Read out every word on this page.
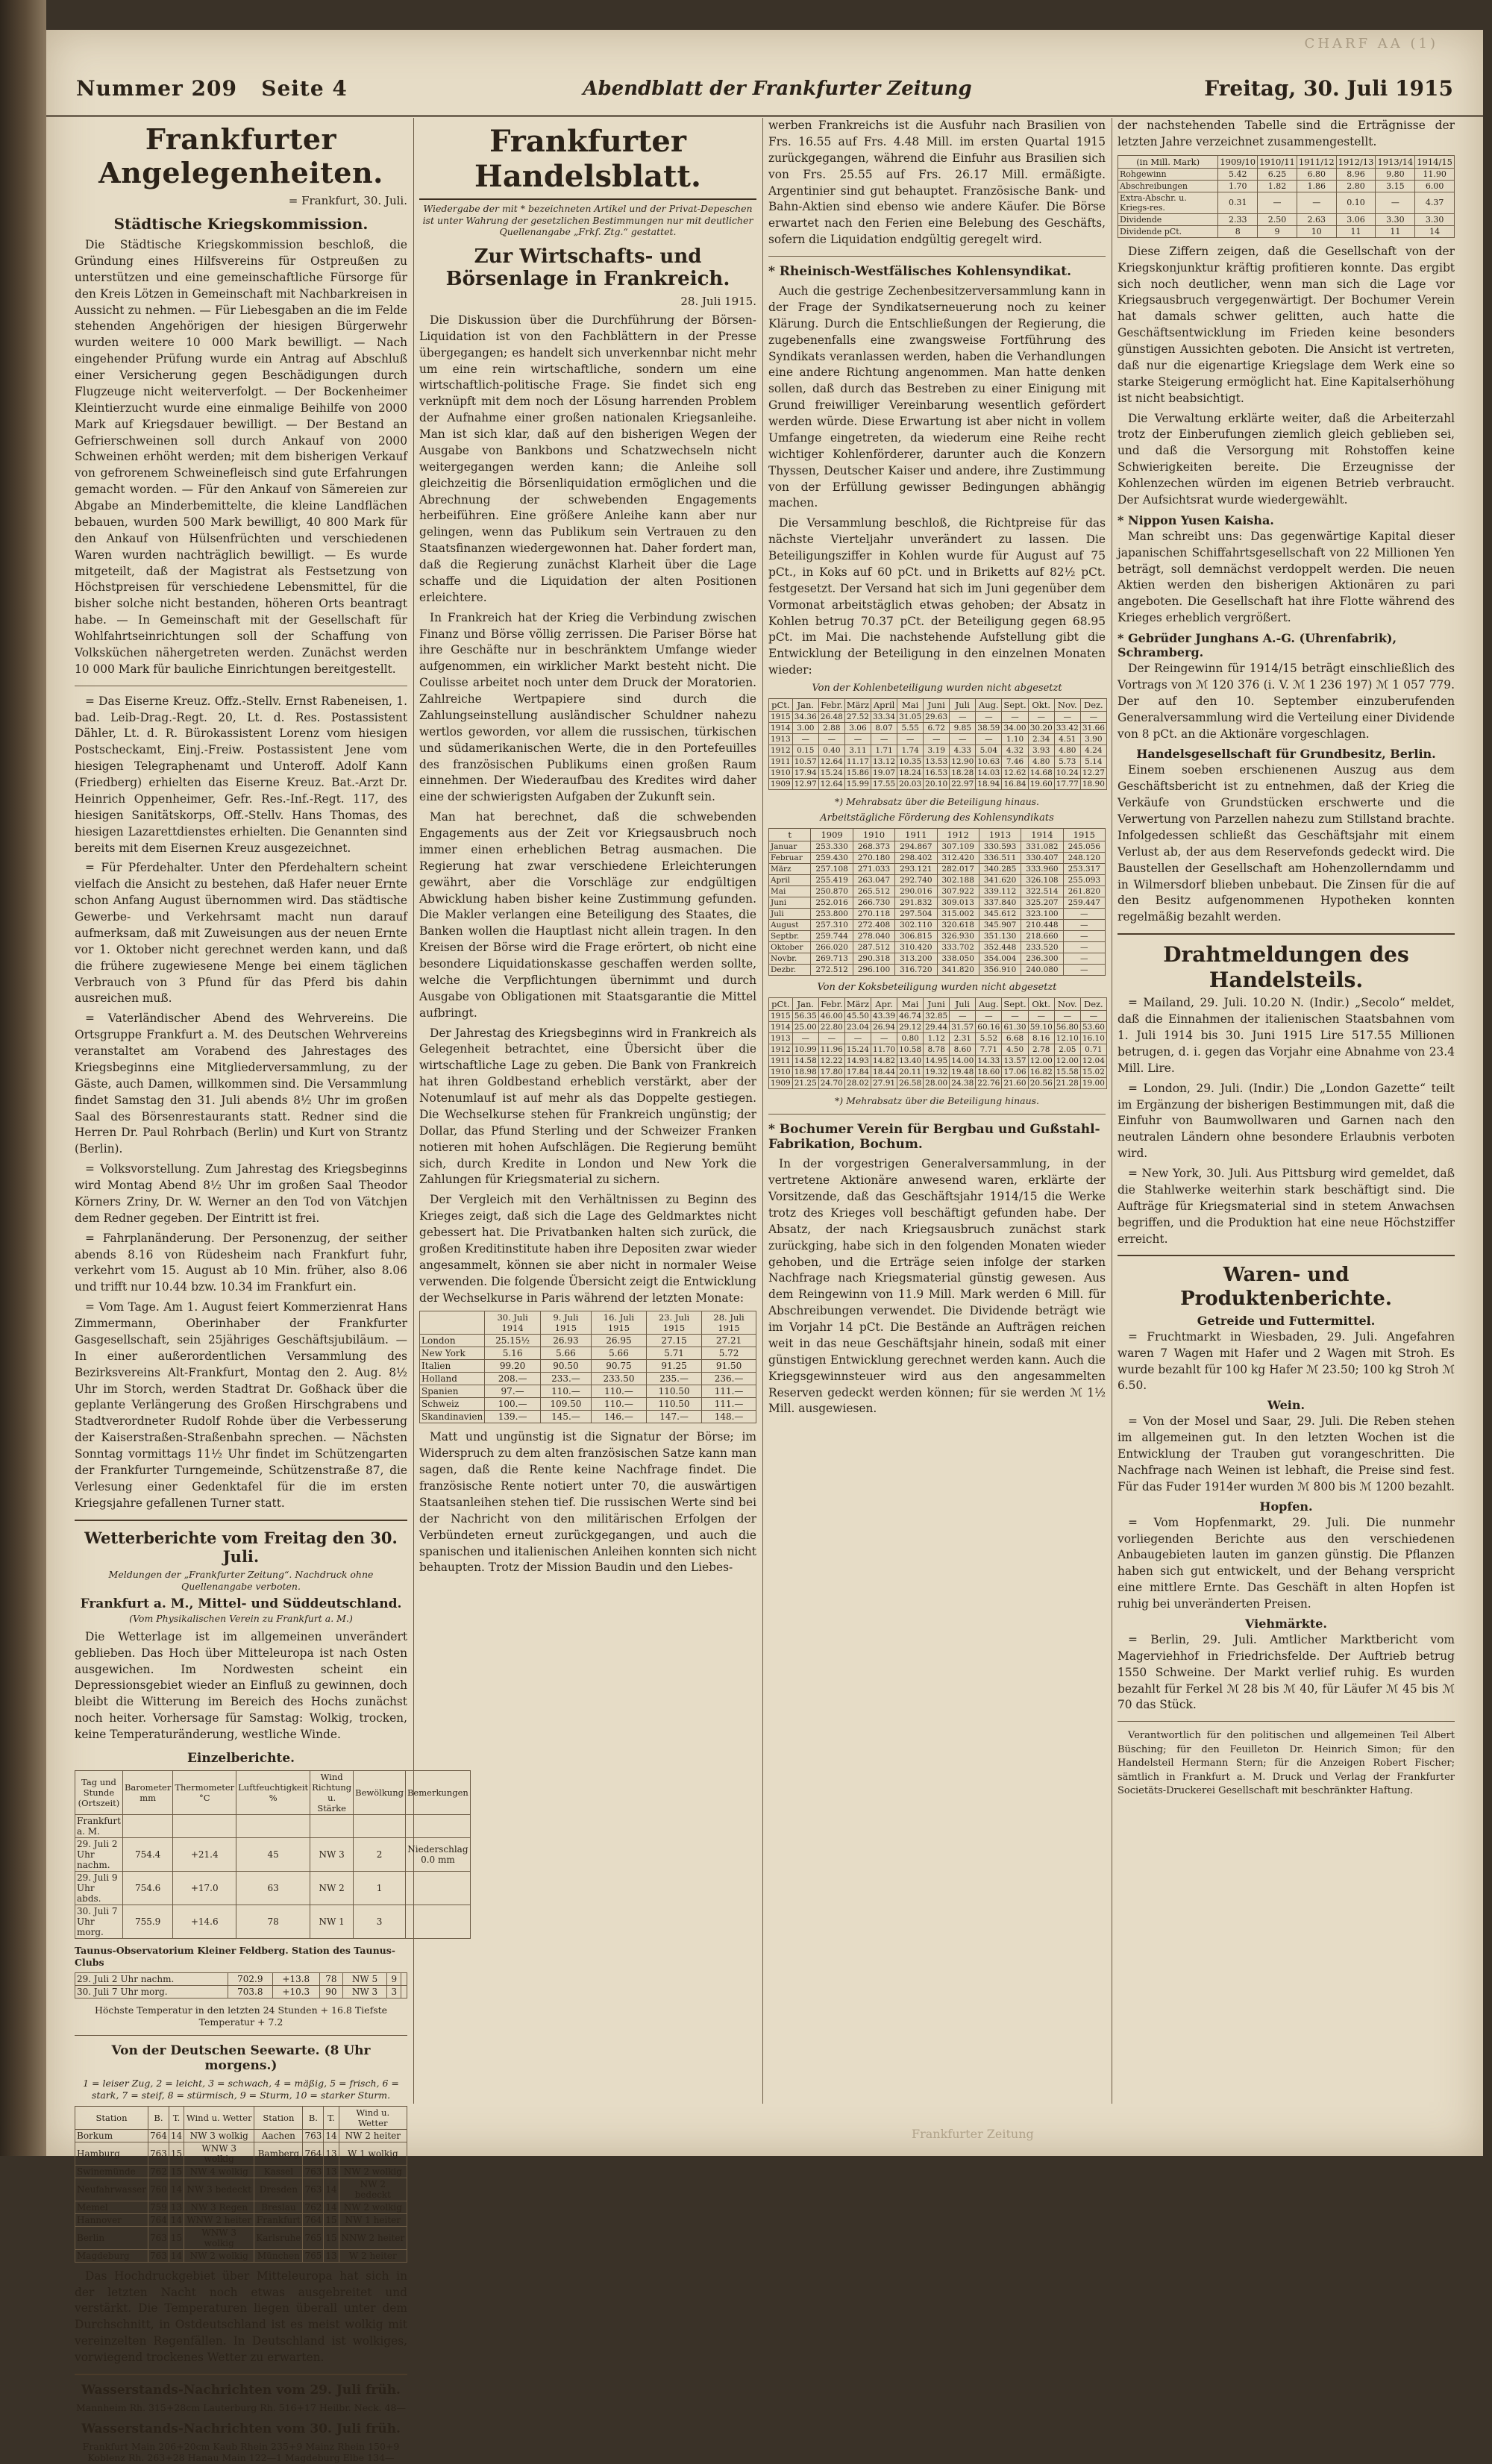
CHARF AA (1)
Nummer 209 Seite 4	Abendblatt der Frankfurter Zeitung	Freitag, 30. Juli 1915
Frankfurter Angelegenheiten.
= Frankfurt, 30. Juli.
Städtische Kriegskommission.

Die Städtische Kriegskommission beschloß, die Gründung eines Hilfsvereins für Ostpreußen zu unterstützen und eine gemeinschaftliche Fürsorge für den Kreis Lötzen in Gemeinschaft mit Nachbarkreisen in Aussicht zu nehmen. — Für Liebesgaben an die im Felde stehenden Angehörigen der hiesigen Bürgerwehr wurden weitere 10 000 Mark bewilligt. — Nach eingehender Prüfung wurde ein Antrag auf Abschluß einer Versicherung gegen Beschädigungen durch Flugzeuge nicht weiterverfolgt. — Der Bockenheimer Kleintierzucht wurde eine einmalige Beihilfe von 2000 Mark auf Kriegsdauer bewilligt. — Der Bestand an Gefrierschweinen soll durch Ankauf von 2000 Schweinen erhöht werden; mit dem bisherigen Verkauf von gefrorenem Schweinefleisch sind gute Erfahrungen gemacht worden. — Für den Ankauf von Sämereien zur Abgabe an Minderbemittelte, die kleine Landflächen bebauen, wurden 500 Mark bewilligt, 40 800 Mark für den Ankauf von Hülsenfrüchten und verschiedenen Waren wurden nachträglich bewilligt. — Es wurde mitgeteilt, daß der Magistrat als Festsetzung von Höchstpreisen für verschiedene Lebensmittel, für die bisher solche nicht bestanden, höheren Orts beantragt habe. — In Gemeinschaft mit der Gesellschaft für Wohlfahrtseinrichtungen soll der Schaffung von Volksküchen nähergetreten werden. Zunächst werden 10 000 Mark für bauliche Einrichtungen bereitgestellt.

= Das Eiserne Kreuz. Offz.-Stellv. Ernst Rabeneisen, 1. bad. Leib-Drag.-Regt. 20, Lt. d. Res. Postassistent Dähler, Lt. d. R. Bürokassistent Lorenz vom hiesigen Postscheckamt, Einj.-Freiw. Postassistent Jene vom hiesigen Telegraphenamt und Unteroff. Adolf Kann (Friedberg) erhielten das Eiserne Kreuz. Bat.-Arzt Dr. Heinrich Oppenheimer, Gefr. Res.-Inf.-Regt. 117, des hiesigen Sanitätskorps, Off.-Stellv. Hans Thomas, des hiesigen Lazarettdienstes erhielten. Die Genannten sind bereits mit dem Eisernen Kreuz ausgezeichnet.

= Für Pferdehalter. Unter den Pferdehaltern scheint vielfach die Ansicht zu bestehen, daß Hafer neuer Ernte schon Anfang August übernommen wird. Das städtische Gewerbe- und Verkehrsamt macht nun darauf aufmerksam, daß mit Zuweisungen aus der neuen Ernte vor 1. Oktober nicht gerechnet werden kann, und daß die frühere zugewiesene Menge bei einem täglichen Verbrauch von 3 Pfund für das Pferd bis dahin ausreichen muß.

= Vaterländischer Abend des Wehrvereins. Die Ortsgruppe Frankfurt a. M. des Deutschen Wehrvereins veranstaltet am Vorabend des Jahrestages des Kriegsbeginns eine Mitgliederversammlung, zu der Gäste, auch Damen, willkommen sind. Die Versammlung findet Samstag den 31. Juli abends 8½ Uhr im großen Saal des Börsenrestaurants statt. Redner sind die Herren Dr. Paul Rohrbach (Berlin) und Kurt von Strantz (Berlin).

= Volksvorstellung. Zum Jahrestag des Kriegsbeginns wird Montag Abend 8½ Uhr im großen Saal Theodor Körners Zriny, Dr. W. Werner an den Tod von Vätchjen dem Redner gegeben. Der Eintritt ist frei.

= Fahrplanänderung. Der Personenzug, der seither abends 8.16 von Rüdesheim nach Frankfurt fuhr, verkehrt vom 15. August ab 10 Min. früher, also 8.06 und trifft nur 10.44 bzw. 10.34 im Frankfurt ein.

= Vom Tage. Am 1. August feiert Kommerzienrat Hans Zimmermann, Oberinhaber der Frankfurter Gasgesellschaft, sein 25jähriges Geschäftsjubiläum. — In einer außerordentlichen Versammlung des Bezirksvereins Alt-Frankfurt, Montag den 2. Aug. 8½ Uhr im Storch, werden Stadtrat Dr. Goßhack über die geplante Verlängerung des Großen Hirschgrabens und Stadtverordneter Rudolf Rohde über die Verbesserung der Kaiserstraßen-Straßenbahn sprechen. — Nächsten Sonntag vormittags 11½ Uhr findet im Schützengarten der Frankfurter Turngemeinde, Schützenstraße 87, die Verlesung einer Gedenktafel für die im ersten Kriegsjahre gefallenen Turner statt.

Wetterberichte vom Freitag den 30. Juli.
Meldungen der „Frankfurter Zeitung“. Nachdruck ohne Quellenangabe verboten.
Frankfurt a. M., Mittel- und Süddeutschland.
(Vom Physikalischen Verein zu Frankfurt a. M.)

Die Wetterlage ist im allgemeinen unverändert geblieben. Das Hoch über Mitteleuropa ist nach Osten ausgewichen. Im Nordwesten scheint ein Depressionsgebiet wieder an Einfluß zu gewinnen, doch bleibt die Witterung im Bereich des Hochs zunächst noch heiter. Vorhersage für Samstag: Wolkig, trocken, keine Temperaturänderung, westliche Winde.

Einzelberichte.
Tag und Stunde (Ortszeit)	Barometer mm	Thermometer °C	Luftfeuchtigkeit %	Wind Richtung u. Stärke	Bewölkung	Bemerkungen
Frankfurt a. M.						
29. Juli 2 Uhr nachm.	754.4	+21.4	45	NW 3	2	Niederschlag 0.0 mm
29. Juli 9 Uhr abds.	754.6	+17.0	63	NW 2	1	
30. Juli 7 Uhr morg.	755.9	+14.6	78	NW 1	3	
Taunus-Observatorium Kleiner Feldberg. Station des Taunus-Clubs
29. Juli 2 Uhr nachm.	702.9	+13.8	78	NW 5	9	
30. Juli 7 Uhr morg.	703.8	+10.3	90	NW 3	3	
Höchste Temperatur in den letzten 24 Stunden + 16.8 Tiefste Temperatur + 7.2
Von der Deutschen Seewarte. (8 Uhr morgens.)
1 = leiser Zug, 2 = leicht, 3 = schwach, 4 = mäßig, 5 = frisch, 6 = stark, 7 = steif, 8 = stürmisch, 9 = Sturm, 10 = starker Sturm.
Station	B.	T.	Wind u. Wetter	Station	B.	T.	Wind u. Wetter
Borkum	764	14	NW 3 wolkig	Aachen	763	14	NW 2 heiter
Hamburg	763	15	WNW 3 wolkig	Bamberg	764	13	W 1 wolkig
Swinemünde	762	15	NW 4 wolkig	Kassel	763	13	NW 2 wolkig
Neufahrwasser	760	14	NW 3 bedeckt	Dresden	763	14	NW 2 bedeckt
Memel	759	13	NW 3 Regen	Breslau	762	14	NW 2 wolkig
Hannover	764	14	WNW 2 heiter	Frankfurt	764	15	NW 1 heiter
Berlin	763	15	WNW 3 wolkig	Karlsruhe	765	15	NNW 2 heiter
Magdeburg	763	14	NW 2 wolkig	München	765	13	W 2 heiter

Das Hochdruckgebiet über Mitteleuropa hat sich in der letzten Nacht noch etwas ausgebreitet und verstärkt. Die Temperaturen liegen überall unter dem Durchschnitt, in Ostdeutschland ist es meist wolkig mit vereinzelten Regenfällen. In Deutschland ist wolkiges, vorwiegend trockenes Wetter zu erwarten.

Wasserstands-Nachrichten vom 29. Juli früh.
Mannheim Rh. 315+28cm Lauterburg Rh. 516+17 Heilbr. Neck. 48—
Wasserstands-Nachrichten vom 30. Juli früh.
Frankfurt Main 206+20cm Kaub Rhein 235+9 Mainz Rhein 150+9 Koblenz Rh. 263+28 Hanau Main 122—1 Magdeburg Elbe 134—
Frankfurter Handelsblatt.
Wiedergabe der mit * bezeichneten Artikel und der Privat-Depeschen ist unter Wahrung der gesetzlichen Bestimmungen nur mit deutlicher Quellenangabe „Frkf. Ztg.“ gestattet.
Zur Wirtschafts- und Börsenlage in Frankreich.
28. Juli 1915.

Die Diskussion über die Durchführung der Börsen-Liquidation ist von den Fachblättern in der Presse übergegangen; es handelt sich unverkennbar nicht mehr um eine rein wirtschaftliche, sondern um eine wirtschaftlich-politische Frage. Sie findet sich eng verknüpft mit dem noch der Lösung harrenden Problem der Aufnahme einer großen nationalen Kriegsanleihe. Man ist sich klar, daß auf den bisherigen Wegen der Ausgabe von Bankbons und Schatzwechseln nicht weitergegangen werden kann; die Anleihe soll gleichzeitig die Börsenliquidation ermöglichen und die Abrechnung der schwebenden Engagements herbeiführen. Eine größere Anleihe kann aber nur gelingen, wenn das Publikum sein Vertrauen zu den Staatsfinanzen wiedergewonnen hat. Daher fordert man, daß die Regierung zunächst Klarheit über die Lage schaffe und die Liquidation der alten Positionen erleichtere.

In Frankreich hat der Krieg die Verbindung zwischen Finanz und Börse völlig zerrissen. Die Pariser Börse hat ihre Geschäfte nur in beschränktem Umfange wieder aufgenommen, ein wirklicher Markt besteht nicht. Die Coulisse arbeitet noch unter dem Druck der Moratorien. Zahlreiche Wertpapiere sind durch die Zahlungseinstellung ausländischer Schuldner nahezu wertlos geworden, vor allem die russischen, türkischen und südamerikanischen Werte, die in den Portefeuilles des französischen Publikums einen großen Raum einnehmen. Der Wiederaufbau des Kredites wird daher eine der schwierigsten Aufgaben der Zukunft sein.

Man hat berechnet, daß die schwebenden Engagements aus der Zeit vor Kriegsausbruch noch immer einen erheblichen Betrag ausmachen. Die Regierung hat zwar verschiedene Erleichterungen gewährt, aber die Vorschläge zur endgültigen Abwicklung haben bisher keine Zustimmung gefunden. Die Makler verlangen eine Beteiligung des Staates, die Banken wollen die Hauptlast nicht allein tragen. In den Kreisen der Börse wird die Frage erörtert, ob nicht eine besondere Liquidationskasse geschaffen werden sollte, welche die Verpflichtungen übernimmt und durch Ausgabe von Obligationen mit Staatsgarantie die Mittel aufbringt.

Der Jahrestag des Kriegsbeginns wird in Frankreich als Gelegenheit betrachtet, eine Übersicht über die wirtschaftliche Lage zu geben. Die Bank von Frankreich hat ihren Goldbestand erheblich verstärkt, aber der Notenumlauf ist auf mehr als das Doppelte gestiegen. Die Wechselkurse stehen für Frankreich ungünstig; der Dollar, das Pfund Sterling und der Schweizer Franken notieren mit hohen Aufschlägen. Die Regierung bemüht sich, durch Kredite in London und New York die Zahlungen für Kriegsmaterial zu sichern.

Der Vergleich mit den Verhältnissen zu Beginn des Krieges zeigt, daß sich die Lage des Geldmarktes nicht gebessert hat. Die Privatbanken halten sich zurück, die großen Kreditinstitute haben ihre Depositen zwar wieder angesammelt, können sie aber nicht in normaler Weise verwenden. Die folgende Übersicht zeigt die Entwicklung der Wechselkurse in Paris während der letzten Monate:

	30. Juli 1914	9. Juli 1915	16. Juli 1915	23. Juli 1915	28. Juli 1915
London	25.15½	26.93	26.95	27.15	27.21
New York	5.16	5.66	5.66	5.71	5.72
Italien	99.20	90.50	90.75	91.25	91.50
Holland	208.—	233.—	233.50	235.—	236.—
Spanien	97.—	110.—	110.—	110.50	111.—
Schweiz	100.—	109.50	110.—	110.50	111.—
Skandinavien	139.—	145.—	146.—	147.—	148.—

Matt und ungünstig ist die Signatur der Börse; im Widerspruch zu dem alten französischen Satze kann man sagen, daß die Rente keine Nachfrage findet. Die französische Rente notiert unter 70, die auswärtigen Staatsanleihen stehen tief. Die russischen Werte sind bei der Nachricht von den militärischen Erfolgen der Verbündeten erneut zurückgegangen, und auch die spanischen und italienischen Anleihen konnten sich nicht behaupten. Trotz der Mission Baudin und den Liebes-

werben Frankreichs ist die Ausfuhr nach Brasilien von Frs. 16.55 auf Frs. 4.48 Mill. im ersten Quartal 1915 zurückgegangen, während die Einfuhr aus Brasilien sich von Frs. 25.55 auf Frs. 26.17 Mill. ermäßigte. Argentinier sind gut behauptet. Französische Bank- und Bahn-Aktien sind ebenso wie andere Käufer. Die Börse erwartet nach den Ferien eine Belebung des Geschäfts, sofern die Liquidation endgültig geregelt wird.

* Rheinisch-Westfälisches Kohlensyndikat.

Auch die gestrige Zechenbesitzerversammlung kann in der Frage der Syndikatserneuerung noch zu keiner Klärung. Durch die Entschließungen der Regierung, die zugebenenfalls eine zwangsweise Fortführung des Syndikats veranlassen werden, haben die Verhandlungen eine andere Richtung angenommen. Man hatte denken sollen, daß durch das Bestreben zu einer Einigung mit Grund freiwilliger Vereinbarung wesentlich gefördert werden würde. Diese Erwartung ist aber nicht in vollem Umfange eingetreten, da wiederum eine Reihe recht wichtiger Kohlenförderer, darunter auch die Konzern Thyssen, Deutscher Kaiser und andere, ihre Zustimmung von der Erfüllung gewisser Bedingungen abhängig machen.

Die Versammlung beschloß, die Richtpreise für das nächste Vierteljahr unverändert zu lassen. Die Beteiligungsziffer in Kohlen wurde für August auf 75 pCt., in Koks auf 60 pCt. und in Briketts auf 82½ pCt. festgesetzt. Der Versand hat sich im Juni gegenüber dem Vormonat arbeitstäglich etwas gehoben; der Absatz in Kohlen betrug 70.37 pCt. der Beteiligung gegen 68.95 pCt. im Mai. Die nachstehende Aufstellung gibt die Entwicklung der Beteiligung in den einzelnen Monaten wieder:

Von der Kohlenbeteiligung wurden nicht abgesetzt
pCt.	Jan.	Febr.	März	April	Mai	Juni	Juli	Aug.	Sept.	Okt.	Nov.	Dez.
1915	34.36	26.48	27.52	33.34	31.05	29.63	—	—	—	—	—	—
1914	3.00	2.88	3.06	8.07	5.55	6.72	9.85	38.59	34.00	30.20	33.42	31.66
1913	—	—	—	—	—	—	—	—	1.10	2.34	4.51	3.90
1912	0.15	0.40	3.11	1.71	1.74	3.19	4.33	5.04	4.32	3.93	4.80	4.24
1911	10.57	12.64	11.17	13.12	10.35	13.53	12.90	10.63	7.46	4.80	5.73	5.14
1910	17.94	15.24	15.86	19.07	18.24	16.53	18.28	14.03	12.62	14.68	10.24	12.27
1909	12.97	12.64	15.99	17.55	20.03	20.10	22.97	18.94	16.84	19.60	17.77	18.90
*) Mehrabsatz über die Beteiligung hinaus.
Arbeitstägliche Förderung des Kohlensyndikats
t	1909	1910	1911	1912	1913	1914	1915
Januar	253.330	268.373	294.867	307.109	330.593	331.082	245.056
Februar	259.430	270.180	298.402	312.420	336.511	330.407	248.120
März	257.108	271.033	293.121	282.017	340.285	333.960	253.317
April	255.419	263.047	292.740	302.188	341.620	326.108	255.093
Mai	250.870	265.512	290.016	307.922	339.112	322.514	261.820
Juni	252.016	266.730	291.832	309.013	337.840	325.207	259.447
Juli	253.800	270.118	297.504	315.002	345.612	323.100	—
August	257.310	272.408	302.110	320.618	345.907	210.448	—
Septbr.	259.744	278.040	306.815	326.930	351.130	218.660	—
Oktober	266.020	287.512	310.420	333.702	352.448	233.520	—
Novbr.	269.713	290.318	313.200	338.050	354.004	236.300	—
Dezbr.	272.512	296.100	316.720	341.820	356.910	240.080	—
Von der Koksbeteiligung wurden nicht abgesetzt
pCt.	Jan.	Febr.	März	Apr.	Mai	Juni	Juli	Aug.	Sept.	Okt.	Nov.	Dez.
1915	56.35	46.00	45.50	43.39	46.74	32.85	—	—	—	—	—	—
1914	25.00	22.80	23.04	26.94	29.12	29.44	31.57	60.16	61.30	59.10	56.80	53.60
1913	—	—	—	—	0.80	1.12	2.31	5.52	6.68	8.16	12.10	16.10
1912	10.99	11.96	15.24	11.70	10.58	8.78	8.60	7.71	4.50	2.78	2.05	0.71
1911	14.58	12.22	14.93	14.82	13.40	14.95	14.00	14.33	13.57	12.00	12.00	12.04
1910	18.98	17.80	17.84	18.44	20.11	19.32	19.48	18.60	17.06	16.82	15.58	15.02
1909	21.25	24.70	28.02	27.91	26.58	28.00	24.38	22.76	21.60	20.56	21.28	19.00
*) Mehrabsatz über die Beteiligung hinaus.
* Bochumer Verein für Bergbau und Gußstahl-Fabrikation, Bochum.

In der vorgestrigen Generalversammlung, in der vertretene Aktionäre anwesend waren, erklärte der Vorsitzende, daß das Geschäftsjahr 1914/15 die Werke trotz des Krieges voll beschäftigt gefunden habe. Der Absatz, der nach Kriegsausbruch zunächst stark zurückging, habe sich in den folgenden Monaten wieder gehoben, und die Erträge seien infolge der starken Nachfrage nach Kriegsmaterial günstig gewesen. Aus dem Reingewinn von 11.9 Mill. Mark werden 6 Mill. für Abschreibungen verwendet. Die Dividende beträgt wie im Vorjahr 14 pCt. Die Bestände an Aufträgen reichen weit in das neue Geschäftsjahr hinein, sodaß mit einer günstigen Entwicklung gerechnet werden kann. Auch die Kriegsgewinnsteuer wird aus den angesammelten Reserven gedeckt werden können; für sie werden ℳ 1½ Mill. ausgewiesen.

der nachstehenden Tabelle sind die Erträgnisse der letzten Jahre verzeichnet zusammengestellt.

(in Mill. Mark)	1909/10	1910/11	1911/12	1912/13	1913/14	1914/15
Rohgewinn	5.42	6.25	6.80	8.96	9.80	11.90
Abschreibungen	1.70	1.82	1.86	2.80	3.15	6.00
Extra-Abschr. u. Kriegs-res.	0.31	—	—	0.10	—	4.37
Dividende	2.33	2.50	2.63	3.06	3.30	3.30
Dividende pCt.	8	9	10	11	11	14

Diese Ziffern zeigen, daß die Gesellschaft von der Kriegskonjunktur kräftig profitieren konnte. Das ergibt sich noch deutlicher, wenn man sich die Lage vor Kriegsausbruch vergegenwärtigt. Der Bochumer Verein hat damals schwer gelitten, auch hatte die Geschäftsentwicklung im Frieden keine besonders günstigen Aussichten geboten. Die Ansicht ist vertreten, daß nur die eigenartige Kriegslage dem Werk eine so starke Steigerung ermöglicht hat. Eine Kapitalserhöhung ist nicht beabsichtigt.

Die Verwaltung erklärte weiter, daß die Arbeiterzahl trotz der Einberufungen ziemlich gleich geblieben sei, und daß die Versorgung mit Rohstoffen keine Schwierigkeiten bereite. Die Erzeugnisse der Kohlenzechen würden im eigenen Betrieb verbraucht. Der Aufsichtsrat wurde wiedergewählt.

* Nippon Yusen Kaisha.

Man schreibt uns: Das gegenwärtige Kapital dieser japanischen Schiffahrtsgesellschaft von 22 Millionen Yen beträgt, soll demnächst verdoppelt werden. Die neuen Aktien werden den bisherigen Aktionären zu pari angeboten. Die Gesellschaft hat ihre Flotte während des Krieges erheblich vergrößert.

* Gebrüder Junghans A.-G. (Uhrenfabrik), Schramberg.

Der Reingewinn für 1914/15 beträgt einschließlich des Vortrags von ℳ 120 376 (i. V. ℳ 1 236 197) ℳ 1 057 779. Der auf den 10. September einzuberufenden Generalversammlung wird die Verteilung einer Dividende von 8 pCt. an die Aktionäre vorgeschlagen.

Handelsgesellschaft für Grundbesitz, Berlin.

Einem soeben erschienenen Auszug aus dem Geschäftsbericht ist zu entnehmen, daß der Krieg die Verkäufe von Grundstücken erschwerte und die Verwertung von Parzellen nahezu zum Stillstand brachte. Infolgedessen schließt das Geschäftsjahr mit einem Verlust ab, der aus dem Reservefonds gedeckt wird. Die Baustellen der Gesellschaft am Hohenzollerndamm und in Wilmersdorf blieben unbebaut. Die Zinsen für die auf den Besitz aufgenommenen Hypotheken konnten regelmäßig bezahlt werden.

Drahtmeldungen des Handelsteils.

= Mailand, 29. Juli. 10.20 N. (Indir.) „Secolo“ meldet, daß die Einnahmen der italienischen Staatsbahnen vom 1. Juli 1914 bis 30. Juni 1915 Lire 517.55 Millionen betrugen, d. i. gegen das Vorjahr eine Abnahme von 23.4 Mill. Lire.

= London, 29. Juli. (Indir.) Die „London Gazette“ teilt im Ergänzung der bisherigen Bestimmungen mit, daß die Einfuhr von Baumwollwaren und Garnen nach den neutralen Ländern ohne besondere Erlaubnis verboten wird.

= New York, 30. Juli. Aus Pittsburg wird gemeldet, daß die Stahlwerke weiterhin stark beschäftigt sind. Die Aufträge für Kriegsmaterial sind in stetem Anwachsen begriffen, und die Produktion hat eine neue Höchstziffer erreicht.

Waren- und Produktenberichte.
Getreide und Futtermittel.

= Fruchtmarkt in Wiesbaden, 29. Juli. Angefahren waren 7 Wagen mit Hafer und 2 Wagen mit Stroh. Es wurde bezahlt für 100 kg Hafer ℳ 23.50; 100 kg Stroh ℳ 6.50.

Wein.

= Von der Mosel und Saar, 29. Juli. Die Reben stehen im allgemeinen gut. In den letzten Wochen ist die Entwicklung der Trauben gut vorangeschritten. Die Nachfrage nach Weinen ist lebhaft, die Preise sind fest. Für das Fuder 1914er wurden ℳ 800 bis ℳ 1200 bezahlt.

Hopfen.

= Vom Hopfenmarkt, 29. Juli. Die nunmehr vorliegenden Berichte aus den verschiedenen Anbaugebieten lauten im ganzen günstig. Die Pflanzen haben sich gut entwickelt, und der Behang verspricht eine mittlere Ernte. Das Geschäft in alten Hopfen ist ruhig bei unveränderten Preisen.

Viehmärkte.

= Berlin, 29. Juli. Amtlicher Marktbericht vom Magerviehhof in Friedrichsfelde. Der Auftrieb betrug 1550 Schweine. Der Markt verlief ruhig. Es wurden bezahlt für Ferkel ℳ 28 bis ℳ 40, für Läufer ℳ 45 bis ℳ 70 das Stück.

Verantwortlich für den politischen und allgemeinen Teil Albert Büsching; für den Feuilleton Dr. Heinrich Simon; für den Handelsteil Hermann Stern; für die Anzeigen Robert Fischer; sämtlich in Frankfurt a. M. Druck und Verlag der Frankfurter Societäts-Druckerei Gesellschaft mit beschränkter Haftung.

Frankfurter Zeitung
